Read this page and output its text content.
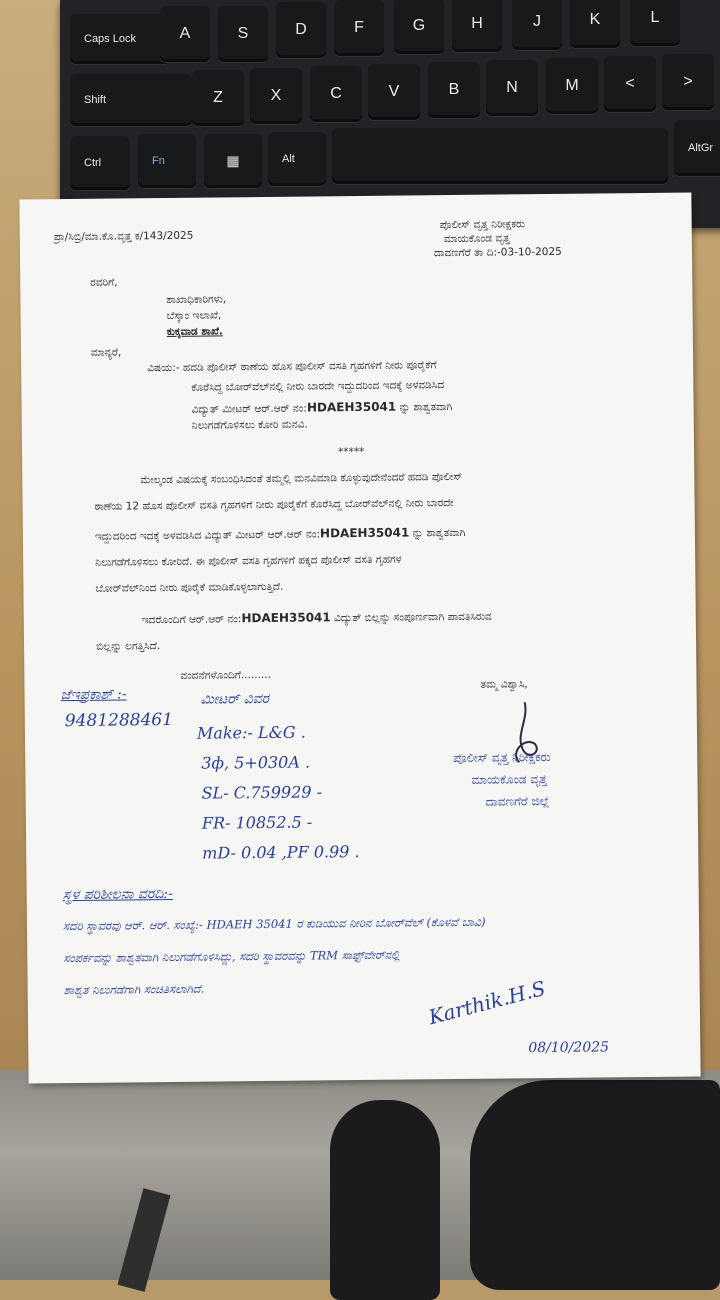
Caps Lock	A	S	D	F	G	H	J	K	L
Shift	Z	X	C	V	B	N	M	<	>
Ctrl	Fn	▦	Alt
AltGr
ಪ್ರಾ/ಸಿಬ್ರಿ/ಮಾ.ಕೊ.ವೃತ್ತ ಕ/143/2025
ಪೊಲೀಸ್ ವೃತ್ತ ನಿರೀಕ್ಷಕರು
ಮಾಯಕೊಂಡ ವೃತ್ತ
ದಾವಣಗೆರೆ ತಾ ದಿ:-03-10-2025
ರವರಿಗೆ,
ಶಾಖಾಧಿಕಾರಿಗಳು,
ಬೆಸ್ಕಾಂ ಇಲಾಖೆ,
ಕುಕ್ಕವಾಡ ಶಾಖೆ.
ಮಾನ್ಯರೆ,
ವಿಷಯ:- ಹದಡಿ ಪೊಲೀಸ್ ಠಾಣೆಯ ಹೊಸ ಪೊಲೀಸ್ ವಸತಿ ಗೃಹಗಳಿಗೆ ನೀರು ಪೂರೈಕೆಗೆ
ಕೊರೆಸಿದ್ದ ಬೋರ್‌ವೆಲ್‌ನಲ್ಲಿ ನೀರು ಬಾರದೇ ಇದ್ದುದರಿಂದ ಇದಕ್ಕೆ ಅಳವಡಿಸಿದ
ವಿದ್ಯುತ್ ಮೀಟರ್ ಆರ್.ಆರ್ ನಂ:HDAEH35041 ನ್ನು ಶಾಶ್ವತವಾಗಿ
ನಿಲುಗಡೆಗೊಳಿಸಲು ಕೋರಿ ಮನವಿ.
*****
ಮೇಲ್ಕಂಡ ವಿಷಯಕ್ಕೆ ಸಂಬಂಧಿಸಿದಂತೆ ತಮ್ಮಲ್ಲಿ ಮನವಿಮಾಡಿ ಕೊಳ್ಳುವುದೇನೆಂದರೆ ಹದಡಿ ಪೊಲೀಸ್
ಠಾಣೆಯ 12 ಹೊಸ ಪೊಲೀಸ್ ವಸತಿ ಗೃಹಗಳಿಗೆ ನೀರು ಪೂರೈಕೆಗೆ ಕೊರೆಸಿದ್ದ ಬೋರ್‌ವೆಲ್‌ನಲ್ಲಿ ನೀರು ಬಾರದೇ
ಇದ್ದುದರಿಂದ ಇದಕ್ಕೆ ಅಳವಡಿಸಿದ ವಿದ್ಯುತ್ ಮೀಟರ್ ಆರ್.ಆರ್ ನಂ:HDAEH35041 ನ್ನು ಶಾಶ್ವತವಾಗಿ
ನಿಲುಗಡೆಗೊಳಿಸಲು ಕೋರಿದೆ. ಈ ಪೊಲೀಸ್ ವಸತಿ ಗೃಹಗಳಿಗೆ ಪಕ್ಕದ ಪೊಲೀಸ್ ವಸತಿ ಗೃಹಗಳ
ಬೋರ್‌ವೆಲ್‌ನಿಂದ ನೀರು ಪೂರೈಕೆ ಮಾಡಿಕೊಳ್ಳಲಾಗುತ್ತಿದೆ.
ಇದರೊಂದಿಗೆ ಆರ್.ಆರ್ ನಂ:HDAEH35041 ವಿದ್ಯುತ್ ಬಿಲ್ಲನ್ನು ಸಂಪೂರ್ಣವಾಗಿ ಪಾವತಿಸಿರುವ
ಬಿಲ್ಲನ್ನು ಲಗತ್ತಿಸಿದೆ.
ವಂದನೆಗಳೊಂದಿಗೆ.........
ತಮ್ಮ ವಿಶ್ವಾಸಿ,
ಜೆಇಪ್ರಕಾಶ್ :-
9481288461
ಮೀಟರ್ ವಿವರ
Make:- L&G .
3ф, 5+030A .
SL- C.759929 -
FR- 10852.5 -
mD- 0.04 ,PF 0.99 .
ಪೊಲೀಸ್ ವೃತ್ತ ನಿರೀಕ್ಷಕರು
ಮಾಯಕೊಂಡ ವೃತ್ತ
ದಾವಣಗೆರೆ ಜಿಲ್ಲೆ
ಸ್ಥಳ ಪರಿಶೀಲನಾ ವರದಿ:-
ಸದರಿ ಸ್ಥಾವರವು ಆರ್. ಆರ್. ಸಂಖ್ಯೆ:- HDAEH 35041 ರ ಕುಡಿಯುವ ನೀರಿನ ಬೋರ್‌ವೆಲ್ (ಕೊಳವೆ ಬಾವಿ)
ಸಂಪರ್ಕವನ್ನು ಶಾಶ್ವತವಾಗಿ ನಿಲುಗಡೆಗೊಳಿಸಿದ್ದು, ಸದರಿ ಸ್ಥಾವರವನ್ನು TRM ಸಾಫ್ಟ್‌ವೇರ್‌ನಲ್ಲಿ
ಶಾಶ್ವತ ನಿಲುಗಡೆಗಾಗಿ ಸಂಚಿತಿಸಲಾಗಿದೆ.	Karthik.H.S
08/10/2025
